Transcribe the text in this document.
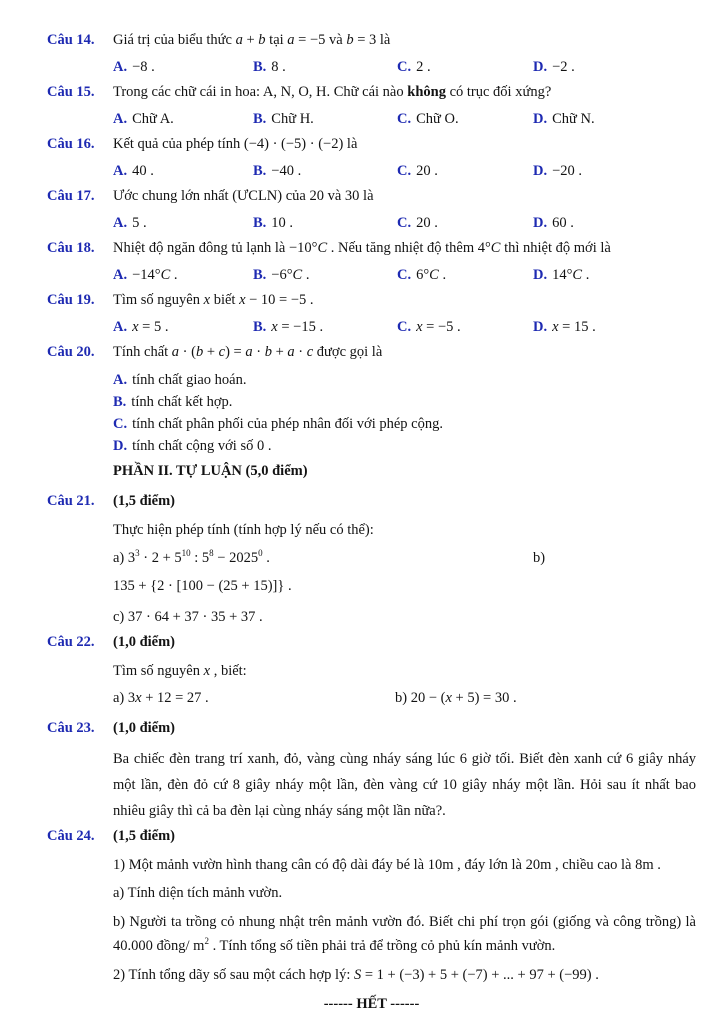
Câu 14.	Giá trị của biểu thức a + b tại a = −5 và b = 3 là
A. −8 .	B. 8 .	C. 2 .	D. −2 .
Câu 15.	Trong các chữ cái in hoa: A, N, O, H. Chữ cái nào không có trục đối xứng?
A. Chữ A.	B. Chữ H.	C. Chữ O.	D. Chữ N.
Câu 16.	Kết quả của phép tính (−4) · (−5) · (−2) là
A. 40 .	B. −40 .	C. 20 .	D. −20 .
Câu 17.	Ước chung lớn nhất (ƯCLN) của 20 và 30 là
A. 5 .	B. 10 .	C. 20 .	D. 60 .
Câu 18.	Nhiệt độ ngăn đông tủ lạnh là −10°C . Nếu tăng nhiệt độ thêm 4°C thì nhiệt độ mới là
A. −14°C .	B. −6°C .	C. 6°C .	D. 14°C .
Câu 19.	Tìm số nguyên x biết x − 10 = −5 .
A. x = 5 .	B. x = −15 .	C. x = −5 .	D. x = 15 .
Câu 20.	Tính chất a · (b + c) = a · b + a · c được gọi là
A. tính chất giao hoán.
B. tính chất kết hợp.
C. tính chất phân phối của phép nhân đối với phép cộng.
D. tính chất cộng với số 0 .
PHẦN II. TỰ LUẬN (5,0 điểm)
Câu 21.	(1,5 điểm)
Thực hiện phép tính (tính hợp lý nếu có thể):
a) $3^3 \cdot 2 + 5^{10}$ : $5^8 - 2025^0$ .	b)
135 + {2 · [100 − (25 + 15)]} .
c) 37 · 64 + 37 · 35 + 37 .
Câu 22.	(1,0 điểm)
Tìm số nguyên x , biết:
a) 3x + 12 = 27 .	b) 20 − (x + 5) = 30 .
Câu 23.	(1,0 điểm)
Ba chiếc đèn trang trí xanh, đỏ, vàng cùng nháy sáng lúc 6 giờ tối. Biết đèn xanh cứ 6 giây nháy một lần, đèn đỏ cứ 8 giây nháy một lần, đèn vàng cứ 10 giây nháy một lần. Hỏi sau ít nhất bao nhiêu giây thì cả ba đèn lại cùng nháy sáng một lần nữa?.
Câu 24.	(1,5 điểm)
1) Một mảnh vườn hình thang cân có độ dài đáy bé là 10m , đáy lớn là 20m , chiều cao là 8m .
a) Tính diện tích mảnh vườn.
b) Người ta trồng cỏ nhung nhật trên mảnh vườn đó. Biết chi phí trọn gói (giống và công trồng) là 40.000 đồng/ $m^2$ . Tính tổng số tiền phải trả để trồng cỏ phủ kín mảnh vườn.
2) Tính tổng dãy số sau một cách hợp lý: S = 1 + (−3) + 5 + (−7) + ... + 97 + (−99) .
------ HẾT ------
